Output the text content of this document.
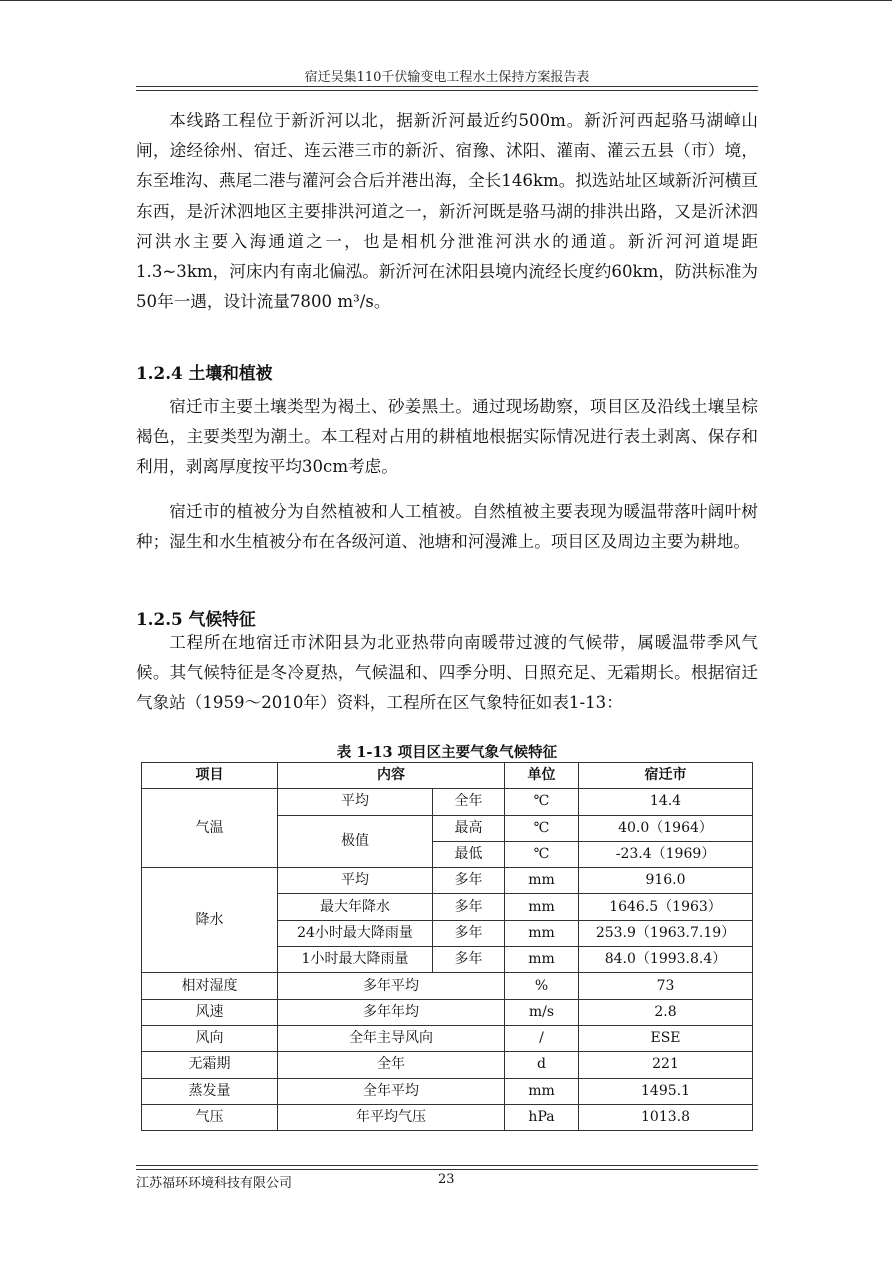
宿迁吴集110千伏输变电工程水土保持方案报告表

本线路工程位于新沂河以北，据新沂河最近约500m。新沂河西起骆马湖嶂山闸，途经徐州、宿迁、连云港三市的新沂、宿豫、沭阳、灌南、灌云五县（市）境，东至堆沟、燕尾二港与灌河会合后并港出海，全长146km。拟选站址区域新沂河横亘东西，是沂沭泗地区主要排洪河道之一，新沂河既是骆马湖的排洪出路，又是沂沭泗河洪水主要入海通道之一，也是相机分泄淮河洪水的通道。新沂河河道堤距1.3~3km，河床内有南北偏泓。新沂河在沭阳县境内流经长度约60km，防洪标准为50年一遇，设计流量7800 m³/s。

1.2.4 土壤和植被

宿迁市主要土壤类型为褐土、砂姜黑土。通过现场勘察，项目区及沿线土壤呈棕褐色，主要类型为潮土。本工程对占用的耕植地根据实际情况进行表土剥离、保存和利用，剥离厚度按平均30cm考虑。

宿迁市的植被分为自然植被和人工植被。自然植被主要表现为暖温带落叶阔叶树种；湿生和水生植被分布在各级河道、池塘和河漫滩上。项目区及周边主要为耕地。

1.2.5 气候特征

工程所在地宿迁市沭阳县为北亚热带向南暖带过渡的气候带，属暖温带季风气候。其气候特征是冬冷夏热，气候温和、四季分明、日照充足、无霜期长。根据宿迁气象站（1959～2010年）资料，工程所在区气象特征如表1-13：

表 1-13 项目区主要气象气候特征
项目	内容		单位	宿迁市
气温	平均	全年	℃	14.4
	极值	最高	℃	40.0（1964）
		最低	℃	-23.4（1969）
降水	平均	多年	mm	916.0
	最大年降水	多年	mm	1646.5（1963）
	24小时最大降雨量	多年	mm	253.9（1963.7.19）
	1小时最大降雨量	多年	mm	84.0（1993.8.4）
相对湿度	多年平均		%	73
风速	多年年均		m/s	2.8
风向	全年主导风向		/	ESE
无霜期	全年		d	221
蒸发量	全年平均		mm	1495.1
气压	年平均气压		hPa	1013.8
江苏福环环境科技有限公司	23
